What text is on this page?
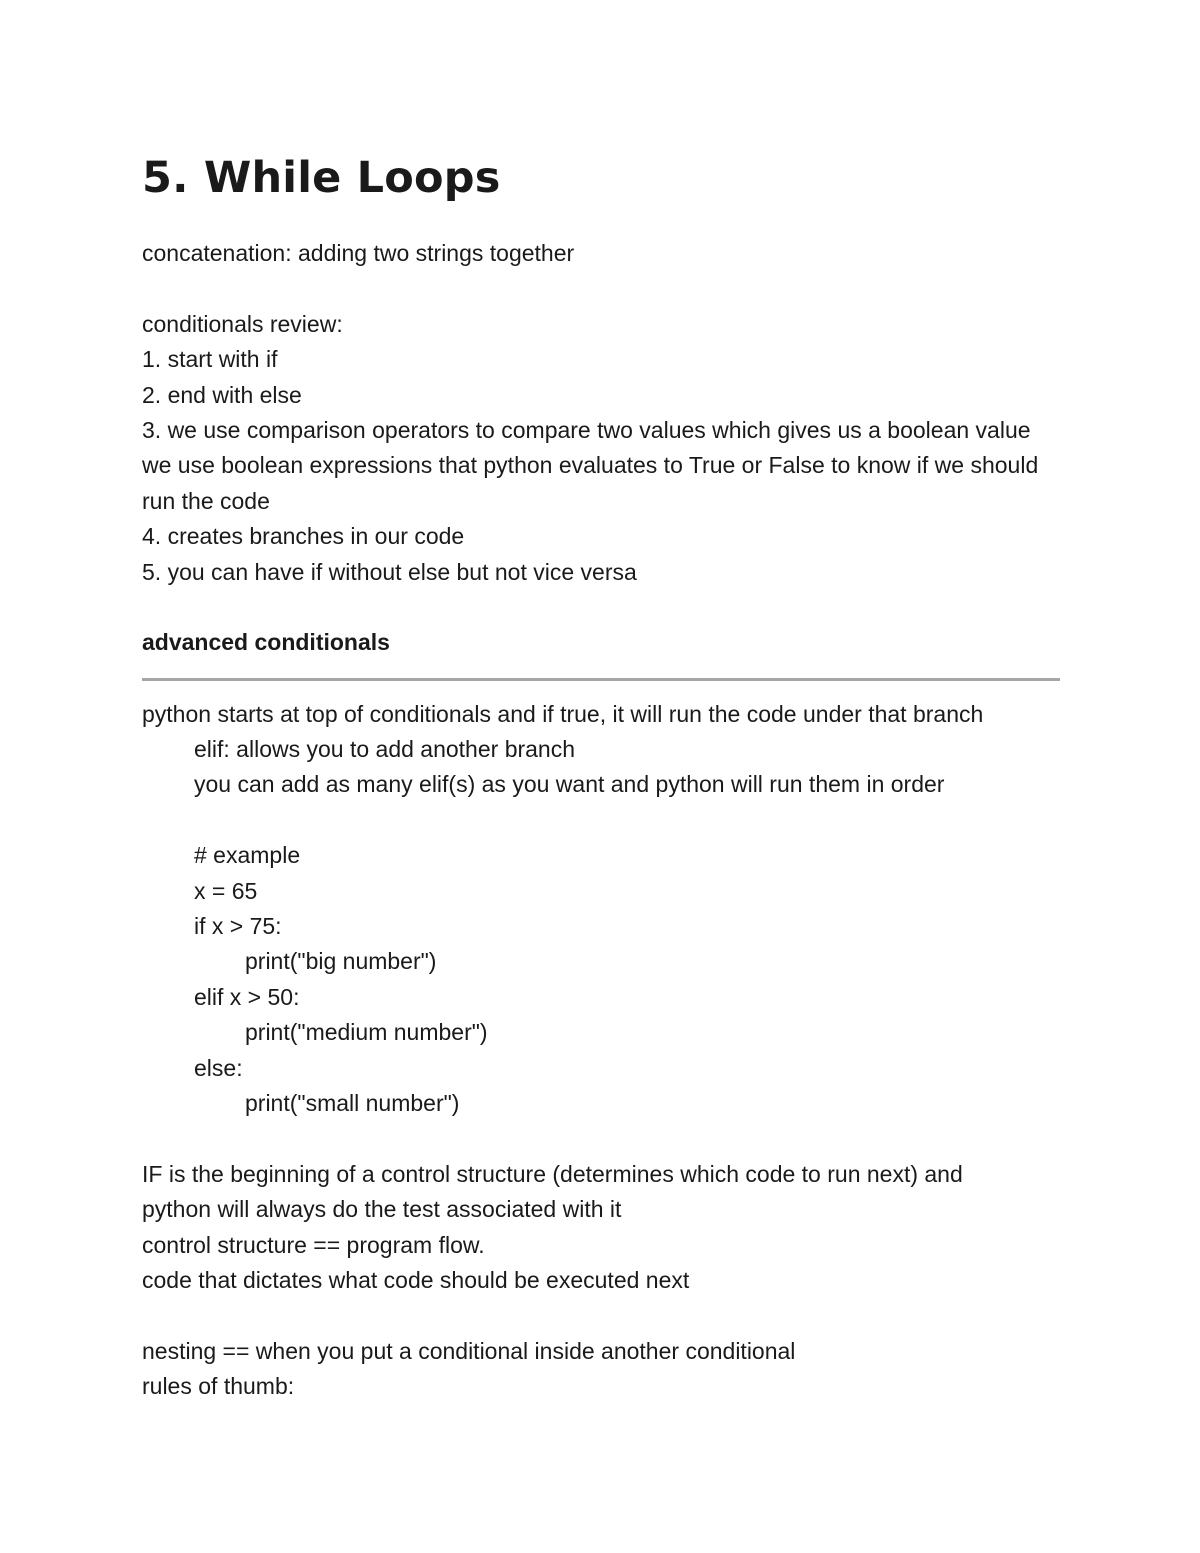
5. While Loops
concatenation: adding two strings together
conditionals review:
1. start with if
2. end with else
3. we use comparison operators to compare two values which gives us a boolean value
we use boolean expressions that python evaluates to True or False to know if we should
run the code
4. creates branches in our code
5. you can have if without else but not vice versa
advanced conditionals
python starts at top of conditionals and if true, it will run the code under that branch
elif: allows you to add another branch
you can add as many elif(s) as you want and python will run them in order
# example
x = 65
if x > 75:
print("big number")
elif x > 50:
print("medium number")
else:
print("small number")
IF is the beginning of a control structure (determines which code to run next) and
python will always do the test associated with it
control structure == program flow.
code that dictates what code should be executed next
nesting == when you put a conditional inside another conditional
rules of thumb:
